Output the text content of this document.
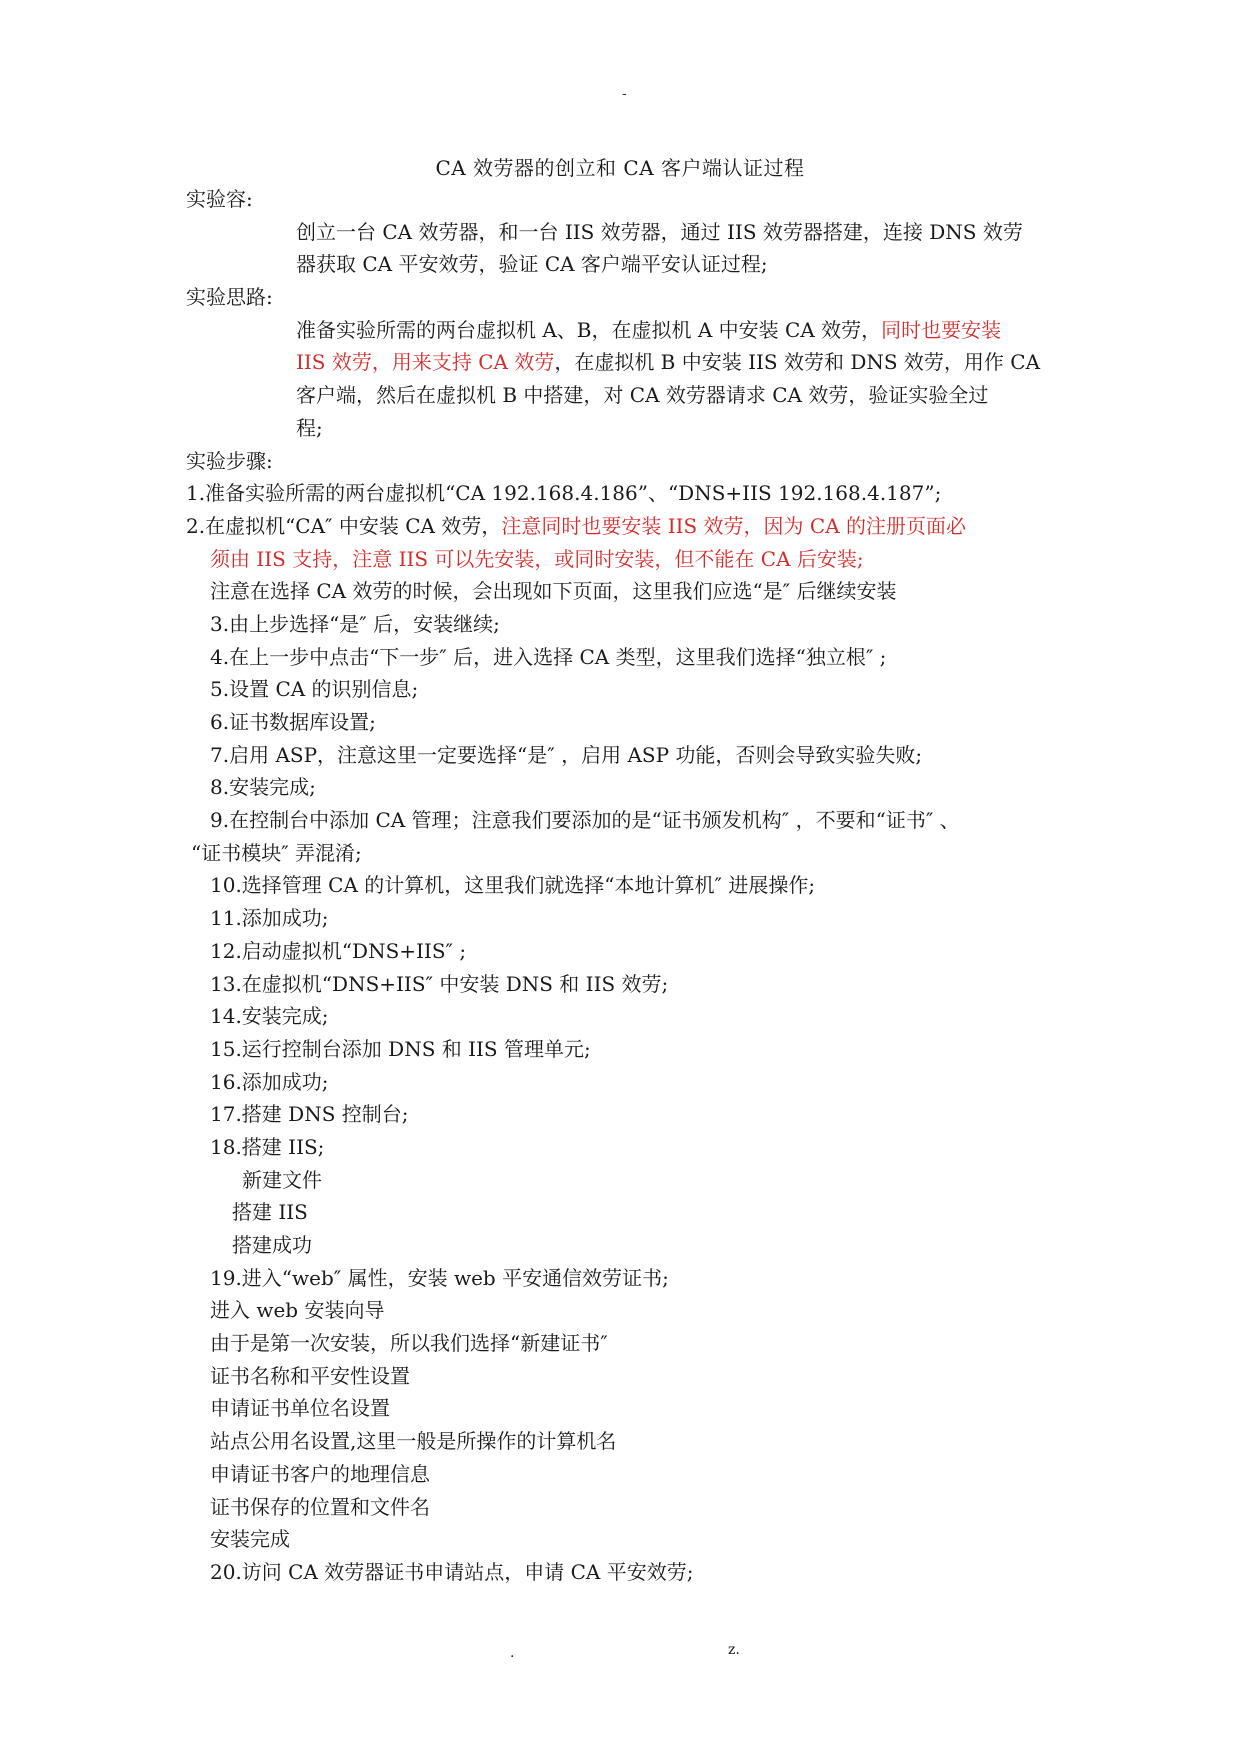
-
CA 效劳器的创立和 CA 客户端认证过程
实验容:
创立一台 CA 效劳器，和一台 IIS 效劳器，通过 IIS 效劳器搭建，连接 DNS 效劳
器获取 CA 平安效劳，验证 CA 客户端平安认证过程;
实验思路:
准备实验所需的两台虚拟机 A、B，在虚拟机 A 中安装 CA 效劳，同时也要安装
IIS 效劳，用来支持 CA 效劳，在虚拟机 B 中安装 IIS 效劳和 DNS 效劳，用作 CA
客户端，然后在虚拟机 B 中搭建，对 CA 效劳器请求 CA 效劳，验证实验全过
程;
实验步骤:
1.准备实验所需的两台虚拟机“CA 192.168.4.186”、“DNS+IIS 192.168.4.187”;
2.在虚拟机“CA″ 中安装 CA 效劳，注意同时也要安装 IIS 效劳，因为 CA 的注册页面必
须由 IIS 支持，注意 IIS 可以先安装，或同时安装，但不能在 CA 后安装;
注意在选择 CA 效劳的时候，会出现如下页面，这里我们应选“是″ 后继续安装
3.由上步选择“是″ 后，安装继续;
4.在上一步中点击“下一步″ 后，进入选择 CA 类型，这里我们选择“独立根″ ;
5.设置 CA 的识别信息;
6.证书数据库设置;
7.启用 ASP，注意这里一定要选择“是″ ，启用 ASP 功能，否则会导致实验失败;
8.安装完成;
9.在控制台中添加 CA 管理；注意我们要添加的是“证书颁发机构″ ，不要和“证书″ 、
“证书模块″ 弄混淆;
10.选择管理 CA 的计算机，这里我们就选择“本地计算机″ 进展操作;
11.添加成功;
12.启动虚拟机“DNS+IIS″ ;
13.在虚拟机“DNS+IIS″ 中安装 DNS 和 IIS 效劳;
14.安装完成;
15.运行控制台添加 DNS 和 IIS 管理单元;
16.添加成功;
17.搭建 DNS 控制台;
18.搭建 IIS;
新建文件
搭建 IIS
搭建成功
19.进入“web″ 属性，安装 web 平安通信效劳证书;
进入 web 安装向导
由于是第一次安装，所以我们选择“新建证书″
证书名称和平安性设置
申请证书单位名设置
站点公用名设置,这里一般是所操作的计算机名
申请证书客户的地理信息
证书保存的位置和文件名
安装完成
20.访问 CA 效劳器证书申请站点，申请 CA 平安效劳;
.	z.
